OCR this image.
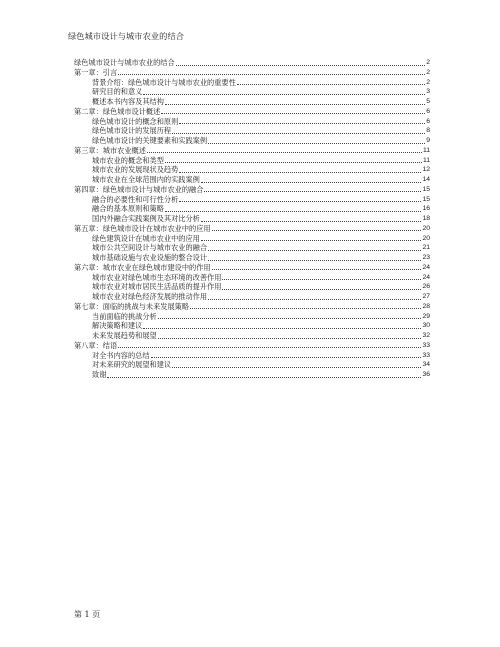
绿色城市设计与城市农业的结合
绿色城市设计与城市农业的结合	2
第一章：引言	2
背景介绍：绿色城市设计与城市农业的重要性	2
研究目的和意义	3
概述本书内容及其结构	5
第二章：绿色城市设计概述	6
绿色城市设计的概念和原则	6
绿色城市设计的发展历程	8
绿色城市设计的关键要素和实践案例	9
第三章：城市农业概述	11
城市农业的概念和类型	11
城市农业的发展现状及趋势	12
城市农业在全球范围内的实践案例	14
第四章：绿色城市设计与城市农业的融合	15
融合的必要性和可行性分析	15
融合的基本原则和策略	16
国内外融合实践案例及其对比分析	18
第五章：绿色城市设计在城市农业中的应用	20
绿色建筑设计在城市农业中的应用	20
城市公共空间设计与城市农业的融合	21
城市基础设施与农业设施的整合设计	23
第六章：城市农业在绿色城市建设中的作用	24
城市农业对绿色城市生态环境的改善作用	24
城市农业对城市居民生活品质的提升作用	26
城市农业对绿色经济发展的推动作用	27
第七章：面临的挑战与未来发展策略	28
当前面临的挑战分析	29
解决策略和建议	30
未来发展趋势和展望	32
第八章：结语	33
对全书内容的总结	33
对未来研究的展望和建议	34
致谢	36
第 1 页
